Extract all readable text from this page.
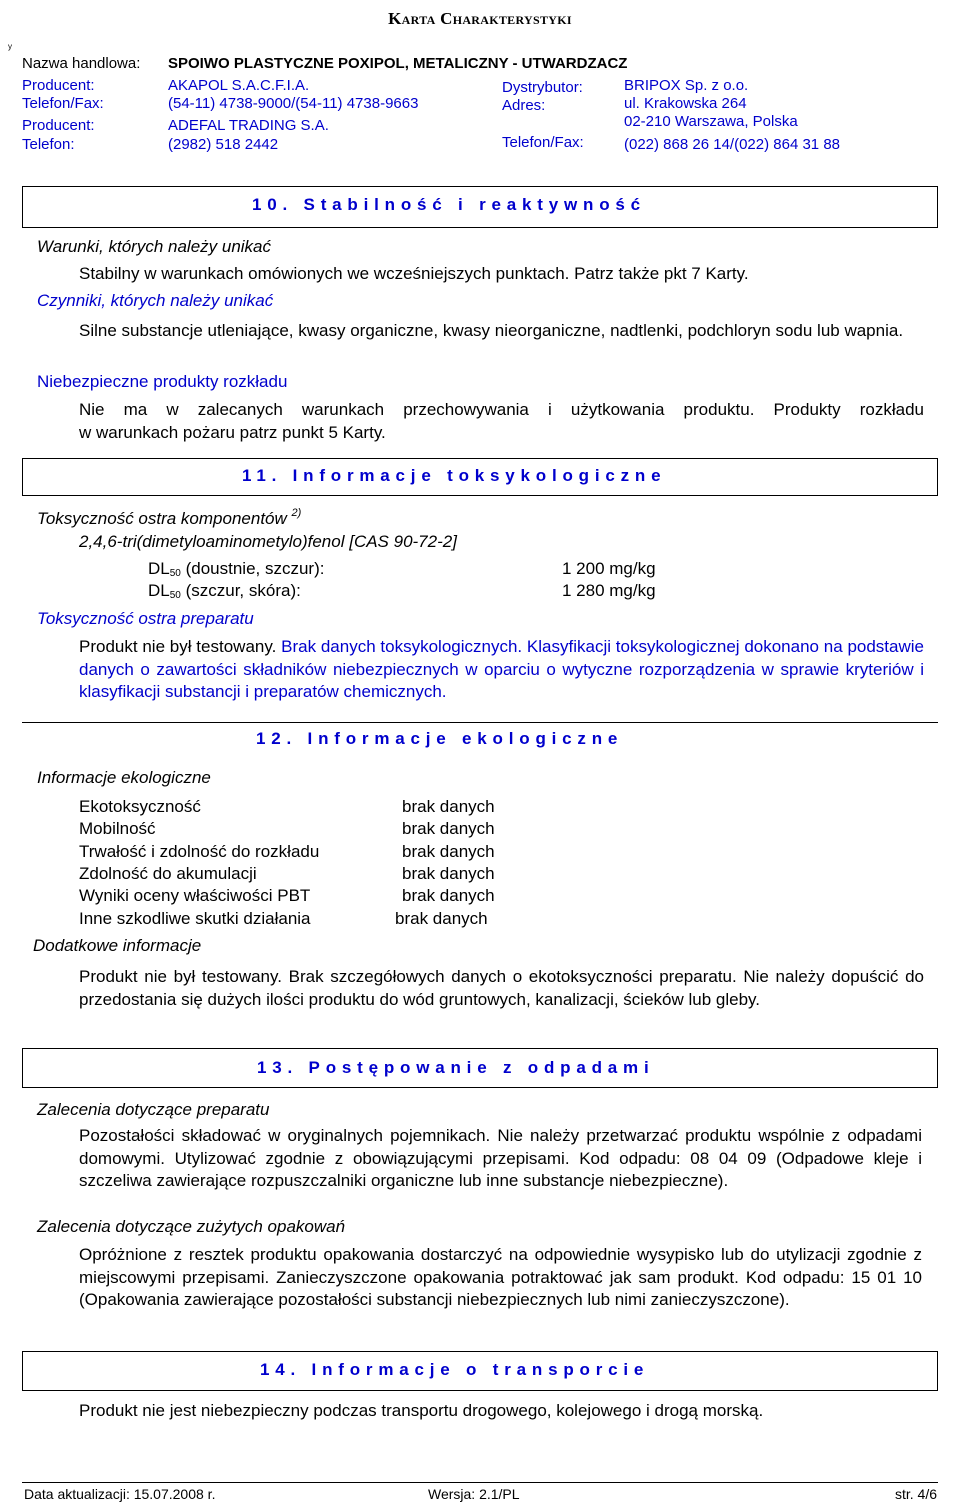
Karta Charakterystyki
y
Nazwa handlowa: SPOIWO PLASTYCZNE POXIPOL, METALICZNY - UTWARDZACZ
Producent:	AKAPOL S.A.C.F.I.A.
Telefon/Fax:	(54-11) 4738-9000/(54-11) 4738-9663
Producent:	ADEFAL TRADING S.A.
Telefon:	(2982) 518 2442
Dystrybutor:	BRIPOX Sp. z o.o.
Adres:	ul. Krakowska 264
02-210 Warszawa, Polska
Telefon/Fax:	(022) 868 26 14/(022) 864 31 88
10. Stabilność i reaktywność
Warunki, których należy unikać
Stabilny w warunkach omówionych we wcześniejszych punktach. Patrz także pkt 7 Karty.
Czynniki, których należy unikać
Silne substancje utleniające, kwasy organiczne, kwasy nieorganiczne, nadtlenki, podchloryn sodu lub wapnia.
Niebezpieczne produkty rozkładu
Nie ma w zalecanych warunkach przechowywania i użytkowania produktu. Produkty rozkładu
w warunkach pożaru patrz punkt 5 Karty.
11. Informacje toksykologiczne
Toksyczność ostra komponentów $^{2)}$
2,4,6-tri(dimetyloaminometylo)fenol [CAS 90-72-2]
$DL_{50}$ (doustnie, szczur):	1 200 mg/kg
$DL_{50}$ (szczur, skóra):	1 280 mg/kg
Toksyczność ostra preparatu
Produkt nie był testowany. Brak danych toksykologicznych. Klasyfikacji toksykologicznej dokonano na podstawie danych o zawartości składników niebezpiecznych w oparciu o wytyczne rozporządzenia w sprawie kryteriów i klasyfikacji substancji i preparatów chemicznych.
12. Informacje ekologiczne
Informacje ekologiczne
Ekotoksyczność	brak danych
Mobilność	brak danych
Trwałość i zdolność do rozkładu	brak danych
Zdolność do akumulacji	brak danych
Wyniki oceny właściwości PBT	brak danych
Inne szkodliwe skutki działania	brak danych
Dodatkowe informacje
Produkt nie był testowany. Brak szczegółowych danych o ekotoksyczności preparatu. Nie należy dopuścić do przedostania się dużych ilości produktu do wód gruntowych, kanalizacji, ścieków lub gleby.
13. Postępowanie z odpadami
Zalecenia dotyczące preparatu
Pozostałości składować w oryginalnych pojemnikach. Nie należy przetwarzać produktu wspólnie z odpadami domowymi. Utylizować zgodnie z obowiązującymi przepisami. Kod odpadu: 08 04 09 (Odpadowe kleje i szczeliwa zawierające rozpuszczalniki organiczne lub inne substancje niebezpieczne).
Zalecenia dotyczące zużytych opakowań
Opróżnione z resztek produktu opakowania dostarczyć na odpowiednie wysypisko lub do utylizacji zgodnie z miejscowymi przepisami. Zanieczyszczone opakowania potraktować jak sam produkt. Kod odpadu: 15 01 10 (Opakowania zawierające pozostałości substancji niebezpiecznych lub nimi zanieczyszczone).
14. Informacje o transporcie
Produkt nie jest niebezpieczny podczas transportu drogowego, kolejowego i drogą morską.
Data aktualizacji: 15.07.2008 r.	Wersja: 2.1/PL	str. 4/6
